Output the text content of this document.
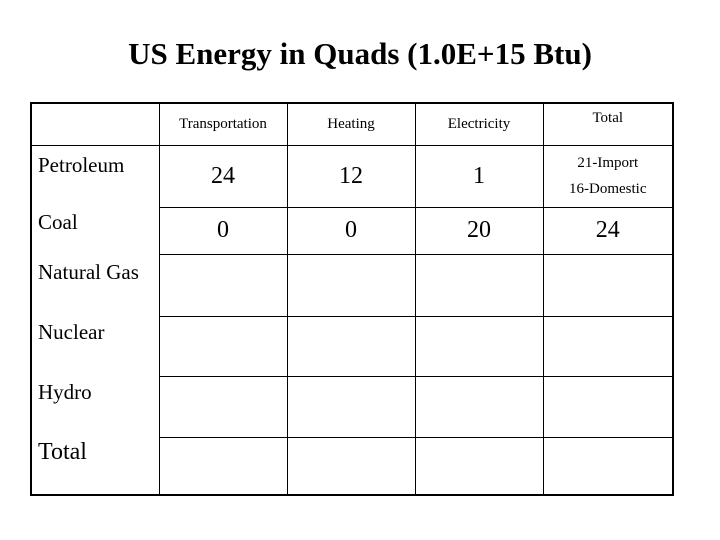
US Energy in Quads (1.0E+15 Btu)
	Transportation	Heating	Electricity	Total
Petroleum	24	12	1	21-Import
16-Domestic

Coal	0	0	20	24
Natural Gas				
Nuclear				
Hydro				
Total				
